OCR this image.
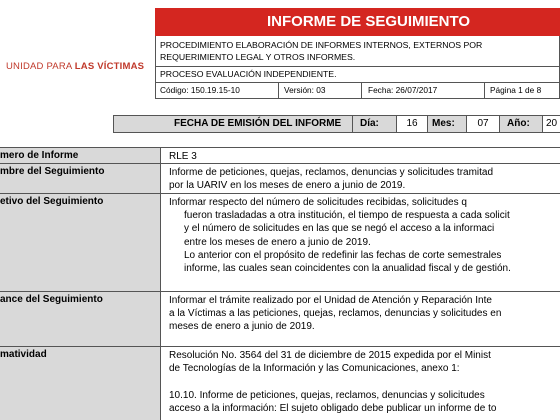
UNIDAD PARA LAS VÍCTIMAS
INFORME DE SEGUIMIENTO
PROCEDIMIENTO ELABORACIÓN DE INFORMES INTERNOS, EXTERNOS POR
REQUERIMIENTO LEGAL Y OTROS INFORMES.
PROCESO EVALUACIÓN INDEPENDIENTE.
Código: 150.19.15-10	Versión: 03	Fecha: 26/07/2017	Página 1 de 8
FECHA DE EMISIÓN DEL INFORME Día:	16	Mes:	07	Año:	20
mero de Informe	RLE 3

mbre del Seguimiento	Informe de peticiones, quejas, reclamos, denuncias y solicitudes tramitad

por la UARIV en los meses de enero a junio de 2019.

etivo del Seguimiento	Informar respecto del número de solicitudes recibidas, solicitudes q

fueron trasladadas a otra institución, el tiempo de respuesta a cada solicit

y el número de solicitudes en las que se negó el acceso a la informaci

entre los meses de enero a junio de 2019.

Lo anterior con el propósito de redefinir las fechas de corte semestrales

informe, las cuales sean coincidentes con la anualidad fiscal y de gestión.

ance del Seguimiento	Informar el trámite realizado por el Unidad de Atención y Reparación Inte

a la Víctimas a las peticiones, quejas, reclamos, denuncias y solicitudes en

meses de enero a junio de 2019.

matividad	Resolución No. 3564 del 31 de diciembre de 2015 expedida por el Minist

de Tecnologías de la Información y las Comunicaciones, anexo 1:

10.10. Informe de peticiones, quejas, reclamos, denuncias y solicitudes

acceso a la información: El sujeto obligado debe publicar un informe de to
